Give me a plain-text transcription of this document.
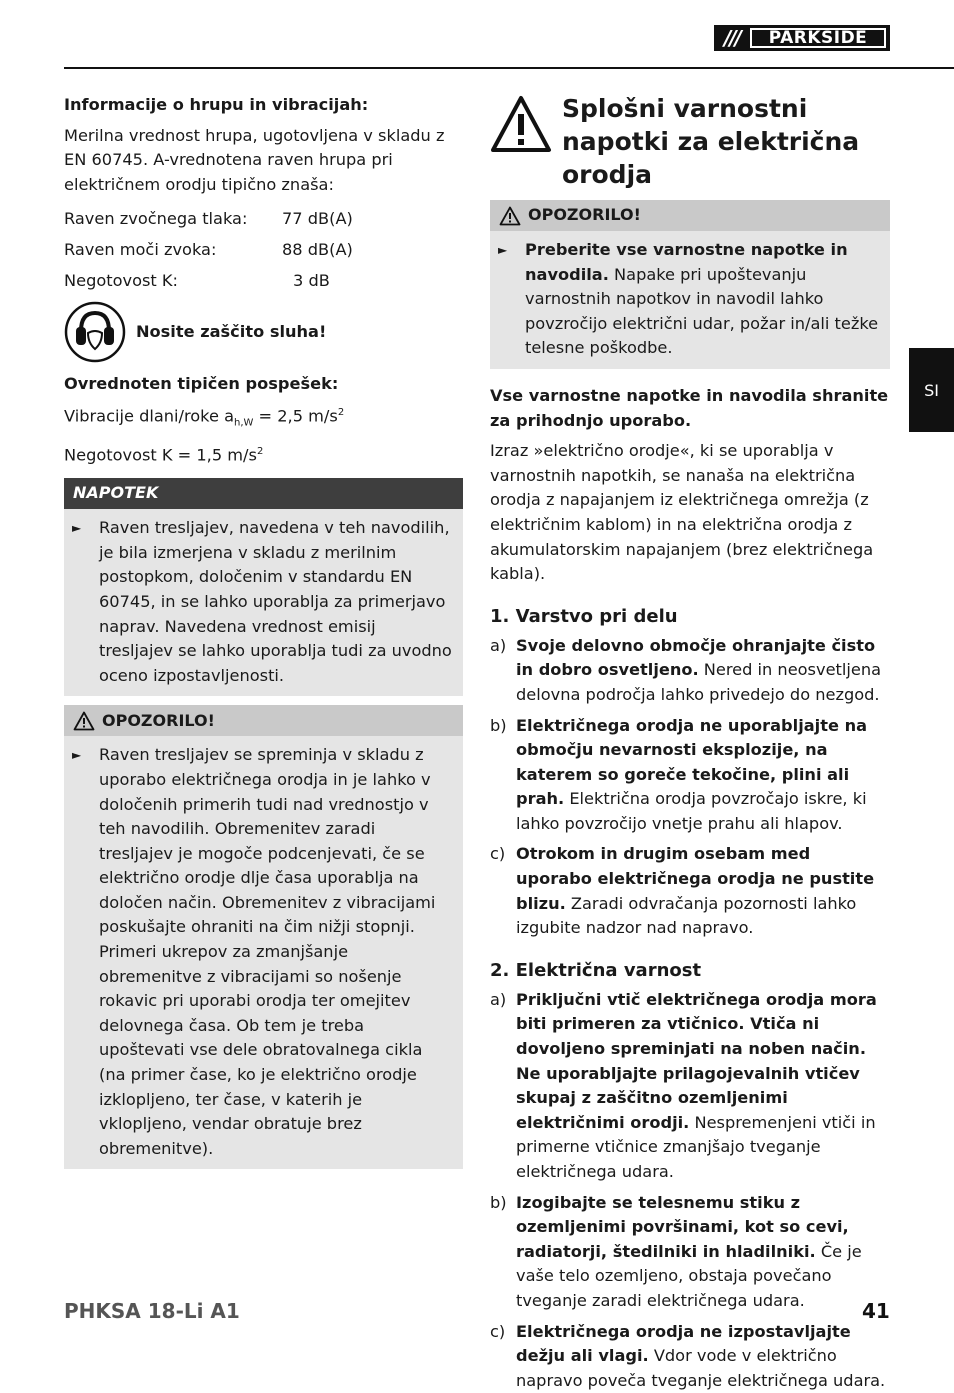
///	PARKSIDE
SI

Informacije o hrupu in vibracijah:

Merilna vrednost hrupa, ugotovljena v skladu z EN 60745. A-vrednotena raven hrupa pri električnem orodju tipično znaša:

Raven zvočnega tlaka:	77 dB(A)
Raven moči zvoka:	88 dB(A)
Negotovost K:	3 dB
Nosite zaščito sluha!

Ovrednoten tipičen pospešek:

Vibracije dlani/roke $a_{h,W} = 2,5$ $m/s^2$

Negotovost K = 1,5 $m/s^2$

NAPOTEK
►	Raven tresljajev, navedena v teh navodilih, je bila izmerjena v skladu z merilnim postopkom, določenim v standardu EN 60745, in se lahko uporablja za primerjavo naprav. Navedena vrednost emisij tresljajev se lahko uporablja tudi za uvodno oceno izpostavljenosti.
OPOZORILO!
►	Raven tresljajev se spreminja v skladu z uporabo električnega orodja in je lahko v določenih primerih tudi nad vrednostjo v teh navodilih. Obremenitev zaradi tresljajev je mogoče podcenjevati, če se električno orodje dlje časa uporablja na določen način. Obremenitev z vibracijami poskušajte ohraniti na čim nižji stopnji. Primeri ukrepov za zmanjšanje obremenitve z vibracijami so nošenje rokavic pri uporabi orodja ter omejitev delovnega časa. Ob tem je treba upoštevati vse dele obratovalnega cikla (na primer čase, ko je električno orodje izklopljeno, ter čase, v katerih je vklopljeno, vendar obratuje brez obremenitve).
Splošni varnostni napotki za električna orodja
OPOZORILO!
►	Preberite vse varnostne napotke in navodila. Napake pri upoštevanju varnostnih napotkov in navodil lahko povzročijo električni udar, požar in/ali težke telesne poškodbe.

Vse varnostne napotke in navodila shranite za prihodnjo uporabo.

Izraz »električno orodje«, ki se uporablja v varnostnih napotkih, se nanaša na električna orodja z napajanjem iz električnega omrežja (z električnim kablom) in na električna orodja z akumulatorskim napajanjem (brez električnega kabla).

1. Varstvo pri delu
a) Svoje delovno območje ohranjajte čisto in dobro osvetljeno. Nered in neosvetljena delovna področja lahko privedejo do nezgod.
b) Električnega orodja ne uporabljajte na območju nevarnosti eksplozije, na katerem so goreče tekočine, plini ali prah. Električna orodja povzročajo iskre, ki lahko povzročijo vnetje prahu ali hlapov.
c) Otrokom in drugim osebam med uporabo električnega orodja ne pustite blizu. Zaradi odvračanja pozornosti lahko izgubite nadzor nad napravo.
2. Električna varnost
a) Priključni vtič električnega orodja mora biti primeren za vtičnico. Vtiča ni dovoljeno spreminjati na noben način.
Ne uporabljajte prilagojevalnih vtičev skupaj z zaščitno ozemljenimi električnimi orodji. Nespremenjeni vtiči in primerne vtičnice zmanjšajo tveganje električnega udara.
b) Izogibajte se telesnemu stiku z ozemljenimi površinami, kot so cevi, radiatorji, štedilniki in hladilniki. Če je vaše telo ozemljeno, obstaja povečano tveganje zaradi električnega udara.
c) Električnega orodja ne izpostavljajte dežju ali vlagi. Vdor vode v električno napravo poveča tveganje električnega udara.
PHKSA 18-Li A1	41
